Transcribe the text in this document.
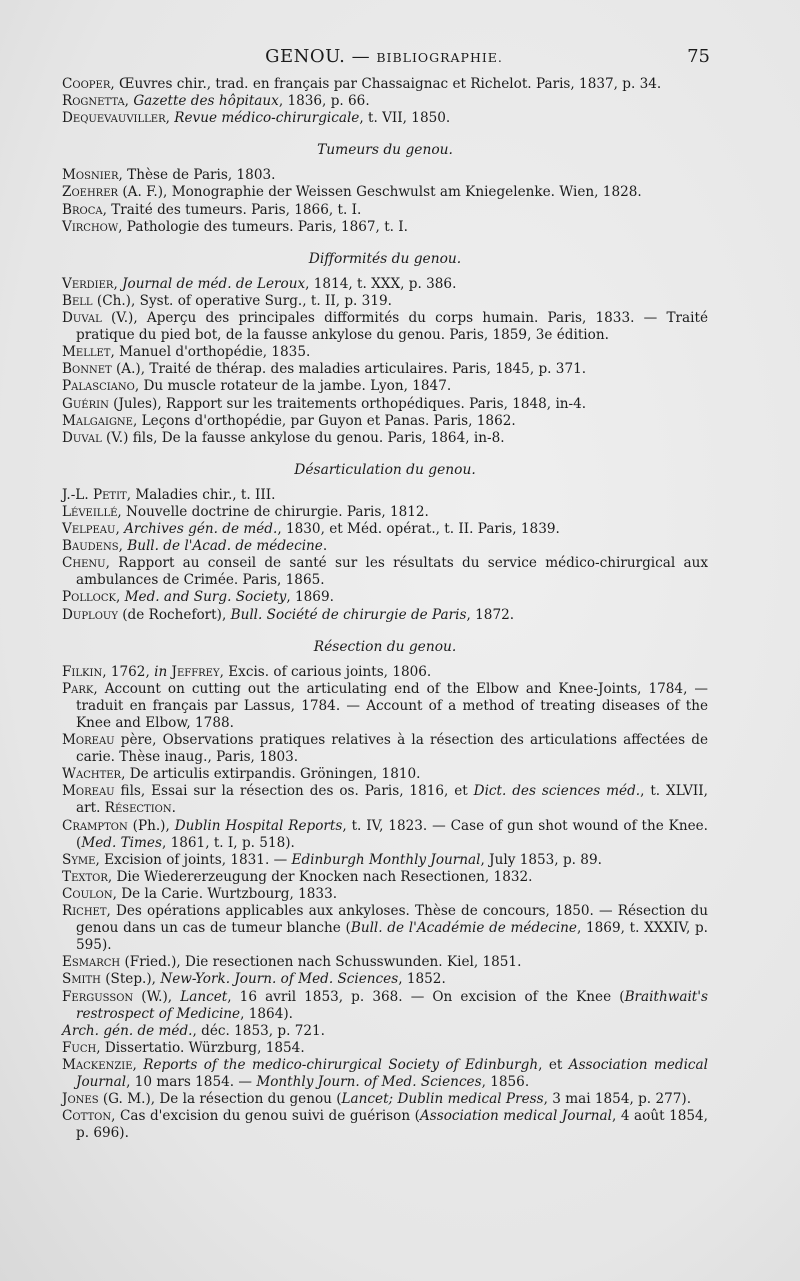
GENOU. — BIBLIOGRAPHIE.	75
Cooper, Œuvres chir., trad. en français par Chassaignac et Richelot. Paris, 1837, p. 34.
Rognetta, Gazette des hôpitaux, 1836, p. 66.
Dequevauviller, Revue médico-chirurgicale, t. VII, 1850.
Tumeurs du genou.
Mosnier, Thèse de Paris, 1803.
Zoehrer (A. F.), Monographie der Weissen Geschwulst am Kniegelenke. Wien, 1828.
Broca, Traité des tumeurs. Paris, 1866, t. I.
Virchow, Pathologie des tumeurs. Paris, 1867, t. I.
Difformités du genou.
Verdier, Journal de méd. de Leroux, 1814, t. XXX, p. 386.
Bell (Ch.), Syst. of operative Surg., t. II, p. 319.
Duval (V.), Aperçu des principales difformités du corps humain. Paris, 1833. — Traité pratique du pied bot, de la fausse ankylose du genou. Paris, 1859, 3e édition.
Mellet, Manuel d'orthopédie, 1835.
Bonnet (A.), Traité de thérap. des maladies articulaires. Paris, 1845, p. 371.
Palasciano, Du muscle rotateur de la jambe. Lyon, 1847.
Guérin (Jules), Rapport sur les traitements orthopédiques. Paris, 1848, in-4.
Malgaigne, Leçons d'orthopédie, par Guyon et Panas. Paris, 1862.
Duval (V.) fils, De la fausse ankylose du genou. Paris, 1864, in-8.
Désarticulation du genou.
J.-L. Petit, Maladies chir., t. III.
Léveillé, Nouvelle doctrine de chirurgie. Paris, 1812.
Velpeau, Archives gén. de méd., 1830, et Méd. opérat., t. II. Paris, 1839.
Baudens, Bull. de l'Acad. de médecine.
Chenu, Rapport au conseil de santé sur les résultats du service médico-chirurgical aux ambulances de Crimée. Paris, 1865.
Pollock, Med. and Surg. Society, 1869.
Duplouy (de Rochefort), Bull. Société de chirurgie de Paris, 1872.
Résection du genou.
Filkin, 1762, in Jeffrey, Excis. of carious joints, 1806.
Park, Account on cutting out the articulating end of the Elbow and Knee-Joints, 1784, — traduit en français par Lassus, 1784. — Account of a method of treating diseases of the Knee and Elbow, 1788.
Moreau père, Observations pratiques relatives à la résection des articulations affectées de carie. Thèse inaug., Paris, 1803.
Wachter, De articulis extirpandis. Gröningen, 1810.
Moreau fils, Essai sur la résection des os. Paris, 1816, et Dict. des sciences méd., t. XLVII, art. Résection.
Crampton (Ph.), Dublin Hospital Reports, t. IV, 1823. — Case of gun shot wound of the Knee. (Med. Times, 1861, t. I, p. 518).
Syme, Excision of joints, 1831. — Edinburgh Monthly Journal, July 1853, p. 89.
Textor, Die Wiedererzeugung der Knocken nach Resectionen, 1832.
Coulon, De la Carie. Wurtzbourg, 1833.
Richet, Des opérations applicables aux ankyloses. Thèse de concours, 1850. — Résection du genou dans un cas de tumeur blanche (Bull. de l'Académie de médecine, 1869, t. XXXIV, p. 595).
Esmarch (Fried.), Die resectionen nach Schusswunden. Kiel, 1851.
Smith (Step.), New-York. Journ. of Med. Sciences, 1852.
Fergusson (W.), Lancet, 16 avril 1853, p. 368. — On excision of the Knee (Braithwait's restrospect of Medicine, 1864).
Arch. gén. de méd., déc. 1853, p. 721.
Fuch, Dissertatio. Würzburg, 1854.
Mackenzie, Reports of the medico-chirurgical Society of Edinburgh, et Association medical Journal, 10 mars 1854. — Monthly Journ. of Med. Sciences, 1856.
Jones (G. M.), De la résection du genou (Lancet; Dublin medical Press, 3 mai 1854, p. 277).
Cotton, Cas d'excision du genou suivi de guérison (Association medical Journal, 4 août 1854, p. 696).
